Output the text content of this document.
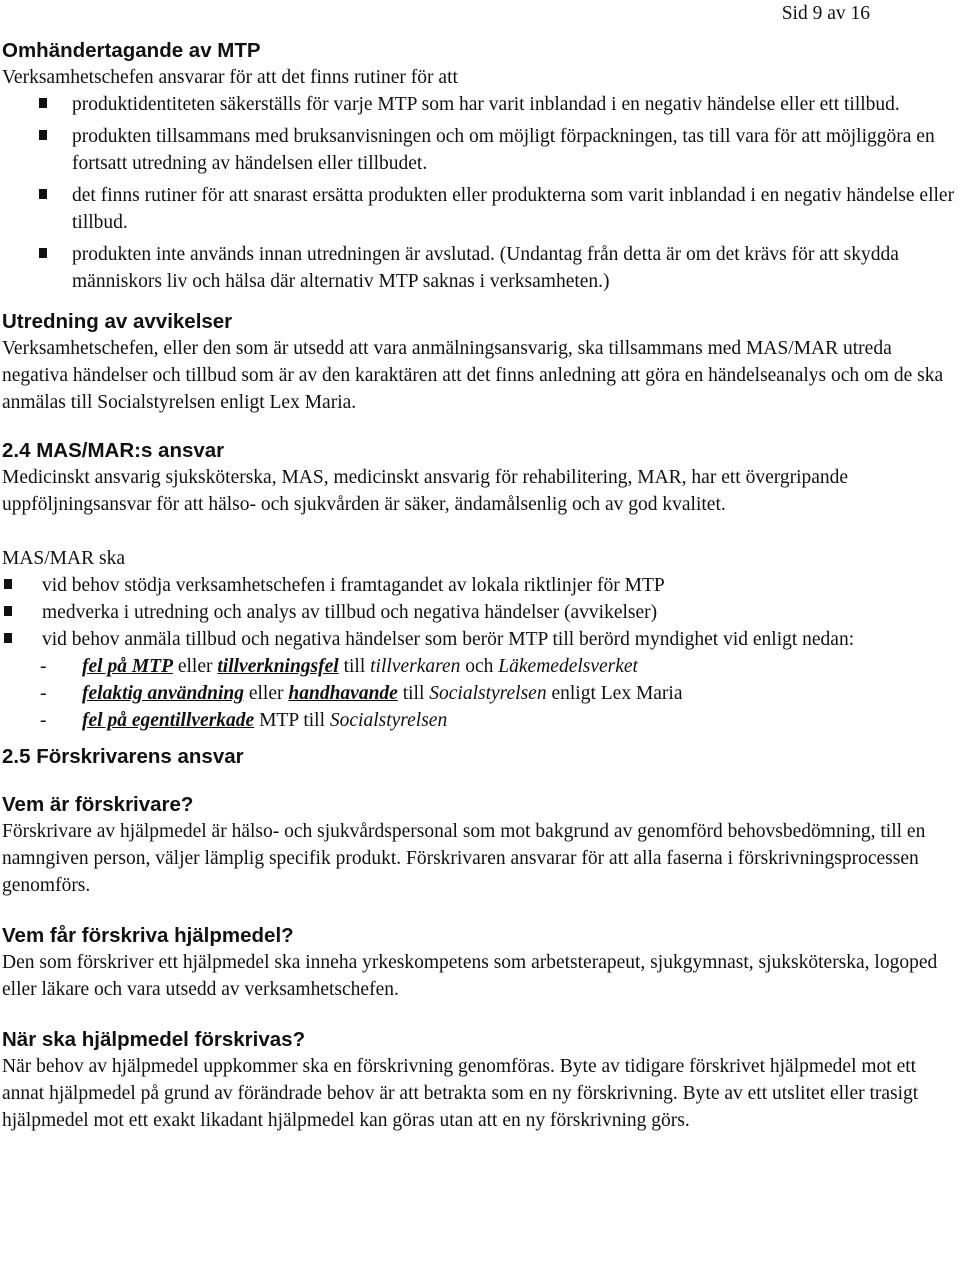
Sid 9 av 16
Omhändertagande av MTP

Verksamhetschefen ansvarar för att det finns rutiner för att

produktidentiteten säkerställs för varje MTP som har varit inblandad i en negativ händelse eller ett tillbud.
produkten tillsammans med bruksanvisningen och om möjligt förpackningen, tas till vara för att möjliggöra en fortsatt utredning av händelsen eller tillbudet.
det finns rutiner för att snarast ersätta produkten eller produkterna som varit inblandad i en negativ händelse eller tillbud.
produkten inte används innan utredningen är avslutad. (Undantag från detta är om det krävs för att skydda människors liv och hälsa där alternativ MTP saknas i verksamheten.)
Utredning av avvikelser

Verksamhetschefen, eller den som är utsedd att vara anmälningsansvarig, ska tillsammans med MAS/MAR utreda negativa händelser och tillbud som är av den karaktären att det finns anledning att göra en händelseanalys och om de ska anmälas till Socialstyrelsen enligt Lex Maria.

2.4 MAS/MAR:s ansvar

Medicinskt ansvarig sjuksköterska, MAS, medicinskt ansvarig för rehabilitering, MAR, har ett övergripande uppföljningsansvar för att hälso- och sjukvården är säker, ändamålsenlig och av god kvalitet.

MAS/MAR ska

vid behov stödja verksamhetschefen i framtagandet av lokala riktlinjer för MTP
medverka i utredning och analys av tillbud och negativa händelser (avvikelser)
vid behov anmäla tillbud och negativa händelser som berör MTP till berörd myndighet vid enligt nedan:
- fel på MTP eller tillverkningsfel till tillverkaren och Läkemedelsverket
- felaktig användning eller handhavande till Socialstyrelsen enligt Lex Maria
- fel på egentillverkade MTP till Socialstyrelsen
2.5 Förskrivarens ansvar
Vem är förskrivare?

Förskrivare av hjälpmedel är hälso- och sjukvårdspersonal som mot bakgrund av genomförd behovsbedömning, till en namngiven person, väljer lämplig specifik produkt. Förskrivaren ansvarar för att alla faserna i förskrivningsprocessen genomförs.

Vem får förskriva hjälpmedel?

Den som förskriver ett hjälpmedel ska inneha yrkeskompetens som arbetsterapeut, sjukgymnast, sjuksköterska, logoped eller läkare och vara utsedd av verksamhetschefen.

När ska hjälpmedel förskrivas?

När behov av hjälpmedel uppkommer ska en förskrivning genomföras. Byte av tidigare förskrivet hjälpmedel mot ett annat hjälpmedel på grund av förändrade behov är att betrakta som en ny förskrivning. Byte av ett utslitet eller trasigt hjälpmedel mot ett exakt likadant hjälpmedel kan göras utan att en ny förskrivning görs.
